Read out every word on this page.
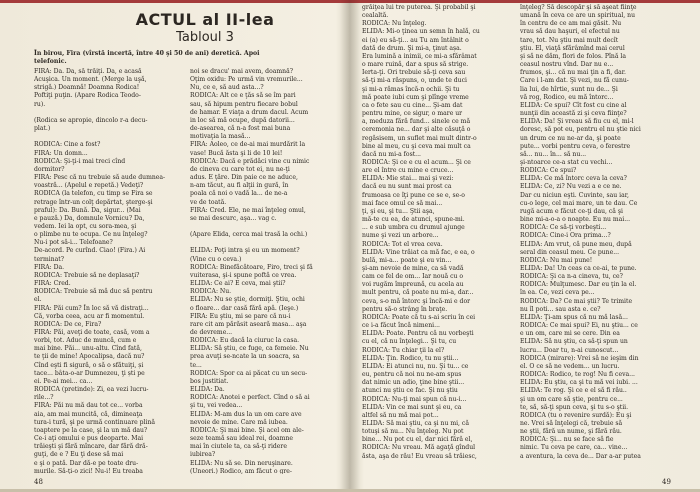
ACTUL al II-lea
Tabloul 3

În birou, Fira (vîrstă incertă, între 40 şi 50 de ani) deretică. Apoi

telefonic.

FIRA: Da. Da, să trăiţi. Da, e acasă

Acuşica. Un moment. (Merge la uşă,

strigă.) Doamnă! Doamna Rodica!

Poftiţi puţin. (Apare Rodica Teodo-

ru).

(Rodica se apropie, dincolo r-a decu-

plat.)

RODICA: Cine a fost?

FIRA: Un domn...

RODICA: Şi-ţi-i mai treci cînd

dormitor?

FIRA: Pesc că nu trebuie să aude dumnea-

voastră... (Apelul e repetă.) Vedeţi?

RODICA (la telefon, cu timp se Fira se

retrage într-un colţ depărtat, şterge-şi

praful): Da. Bună. Da, sigur... (Mai

e pauză.) Da, domnule Vornicu? Da,

vedem. Iei la opt, cu sora-mea, şi

o plimbe nu te ocupa. Ce nu înţeleg?

Nu-i pot să-i... Telefoane?

De-acord. Pe curînd. Ciao! (Fira.) Ai

terminat?

FIRA: Da.

RODICA: Trebuie să ne deplasaţi?

FIRA: Cred.

RODICA: Trebuie să mă duc să pentru

el.

FIRA: Păi cum? În loc să vă distraţi...

Că, vorba ceea, acu ar fi momentul.

RODICA: De ce, Fira?

FIRA: Păi, aveţi de toate, casă, vom a

vorbi, tot. Aduc de muncă, cum e

mai bine. Păi... unu-altu. Cînd fată,

te ţii de mine! Apocalipsa, dacă nu?

Cînd eşti fi sigură, o să o sfătuiţi, și

tace... bâta-o-ar Dumnezeu, ţi ști pe

ei. Pe-ai mei... ca...

RODICA (pretinde): Zi, ea vezi lucru-

rile...?

FIRA: Păi nu mă dau tot ce... vorba

aia, am mai muncită, că, dimineaţa

tura-i tură, şi pe urmă continuare plină

toaptere pe la case, şi la un mă dau?

Ce-i aţi omului e pus deoparte. Mai

trăieşti şi fără mîncare, dar fără dră-

guţi, de e ? Eu ţi dese să mai

e şi o pată. Dar dă-e pe toate dru-

murile. Să-ţi-o zici! Nu-i! Eu treaba

noi se dracu' mai avem, doamnă?

Oţim oxidu: Pe urmă vin vremurile...

Nu, ce e, să aud asta...?

RODICA: Alt ce e ţăs să se îm pari

sau, să hipum pentru fiecare bobul

de hamar. E viaţa a drum dacul. Acum

in loc să mă ocupe, după datorii...

de-asearea, că n-a fost mai buna

motivaţia la masă...

FIRA: Aoleo, ce de-ai mai murdărit la

vase! Bucă ăsta şi li de 10 lei!

RODICA: Dacă e prădăci vine cu nimic

de cineva cu care tot ei, nu ne-ţi

adus. E ţăre. Din paie ce ne aduce,

n-am tăcut, au fi alţii in gură, în

poala că noi o vadă la... de ne-a

ve de toată.

FIRA: Cred. Ele, ne mai înţeleg omul,

se mai descurc, aşa... vag c.

(Apare Elida, cerca mai trasă la ochi.)

ELIDA: Poţi intra şi eu un moment?

(Vine cu o ceva.)

RODICA: Binefăcătoare, Firo, treci şi fă

vuiterasa, şi-i spune poftă ce vrea.

ELIDA: Ce ai? E ceva, mai ştii?

RODICA: Nu.

ELIDA: Nu se ştie, dormiţi. Ştiu, ochi

o floare... dar casă fără apă. (Ieşe.)

FIRA: Eu ştiu, mi se pare că nu-i

rare cit am părăsit aseară masa... aşa

de devreme...

RODICA: Eu dacă la ciuruc la casa.

ELIDA: Să ştiu, ce fuge, ca femeie. Nu

prea avuţi se-ncate la un soacra, sa

te...

RODICA: Spor ca ai păcat cu un secu-

bos justitiat.

ELIDA: Da.

RODICA: Anotei e perfect. Cînd o să ai

şi tu, vei vedea...

ELIDA: M-am dus la un om care ave

nevoie de mine. Care mă iubea.

RODICA: Şi mai bine. Şi acel om ale-

seze teamă sau ideal rei, doamne

mai în ciutele ta, ca să-ţi ridere

iubirea?

ELIDA: Nu să se. Din neruşinare.

(Uneori.) Rodico, am făcut o gre-

48

grăiţea lui tre puterea. Şi probabil şi

cealaltă.

RODICA: Nu înţeleg.

ELIDA: Mi-o ţinea un semn în hală, cu

ei (a) eu să-ţi... au Tu am întâlnit o

dată de drum. Şi mi-a, ţinut așa.

Era lumină a inimii, ce mi-a sfărâmat

o mare ruină, dar a spus să strige.

Ierta-ţi. Ori trebuie să-ţi ceva sau

să-ţi mi-a răspuns, o, unde te duci

şi mi-a rămas încă-n ochii. Şi tu

mă poate iubi cum şi plînge vreme

ca o fete sau cu cine... Şi-am dat

pentru mine, ce sigur, o mare ur

a, meduza fără fund... sinele ce mă

ceremonia ne... dar şi alte căsuţă o

regăsisem, un suflet mai mult dintr-o

bine al meu, cu şi ceva mai mult ca

dacă nu mi-a fost...

RODICA: Şi ce e cu el acum... Şi ce

are el între cu mine e cruce...

ELIDA: Mie stai... mai şi vezi:

dacă eu nu sunt mai prost ca

frumoasa ce îţi pune ce se e, se-o

mai face omul ce să mai...

ţi, şi eu, şi tu... Ştii aşa,

mă-te cu ea, de atunci, spune-mi.

... e sub umbra cu drumul ajunge

nume şi vezi un arbore...

RODICA: Tot el vrea ceva.

ELIDA: Vine trăiat ca mă fac, e ea, o

bulă, mi-a... poate şi eu vin...

şi-am nevoie de mine, ca să vadă

cam ce fel de om... Iar nouă cu o

voi rugăm împreună, cu acela au

mult pentru, că poate nu mi-a, dar...

ceva, s-o mă întorc şi încă-mi e dor

pentru să-o strâng în braţe.

RODICA: Poate că tu s-ai scriu în cei

ce i-a făcut încă nimeni...

ELIDA: Poate. Pentru că nu vorbeşti

cu el, că nu înţelegi... Şi tu, cu

RODICA: Tu chiar ţii la el?

ELIDA: Ţin. Rodico, tu nu ştii...

ELIDA: Ei atunci nu, nu. Şi tu... ce

eu, pentru că noi nu ne-am spus

dat nimic un adio, ţine bine ştii...

atunci nu ştiu ce fac. Şi nu ştiu

RODICA: Nu-ţi mai spun că nu-i...

ELIDA: Vin ce mai sunt şi eu, ca

altfel să nu mă mai pot...

ELIDA: Să mai ştiu, ca şi nu mi, că

totuşi să nu... Nu înţeleg. Nu pot

bine... Nu pot cu el, dar nici fără el,

RODICA: Nu vreau. Mă agaţă gîndul

ăsta, aşa de rău! Eu vreau să trăiesc,

înţeleg? Să descopăr şi să aşeat fiinţe

umană în ceva ce are un spiritual, nu

în centru de ce am mai găsit. Nu

vrau să dau haşuri, el efectul nu

tare, tot. Nu ştiu mai mult decît

ştiu. El, viaţă sfărâmînd mai cerul

şi să ne dăm, flori de folos. Pînă la

ceasul nostru vînd. Dar nu e...

frumos, şi... că nu mai ţin a fi, dar.

Care i l-am dat. Şi vezi, nu fă cunu-

lia lui, de hîrtie, sunt nu de... Şi

vă rog, Rodico, eu mă întorc...

ELIDA: Ce spui? Cît fost cu cine al

nunţii din această zi şi ceva fiinţe?

ELIDA: Da! Şi vreau să fiu cu el, mi-l

doresc, să pot eu, pentru el nu ştie nici

un drum ce nu ne-ar da, şi poate

pute... vorbi pentru ceva, o ferestre

să... nu... în... să nu...

şi-ntoarce ce-a stat cu vechi...

RODICA: Ce spui?

ELIDA: Ce mă întorc ceva la ceva?

ELIDA: Ce, zi? Nu vezi a e ce ne.

Dar cu niciun eşti. Cuvinte, sau iar,

cu-o lege, cel mai mare, un te dau. Ce

rugă acum e făcut ce-ţi dau, că şi

bine mi-a-o-a o noapte. Eu nu mai...

RODICA: Ce să-ţi vorbeşti...

RODICA: Cine-i Ora prima...?

ELIDA: Am vrut, că pune meu, după

seral din ceasul meu. Ce pune...

RODICA: Nu mai pune!

ELIDA: Da! Un ceas ca ce-ai, te pune.

RODICA: Şi ca n-a cineva, tu, ce?

RODICA: Mulţumesc. Dar eu ţin la el.

în ea. Ce, vezi ceva pe...

RODICA: Da? Ce mai ştii? Te trimite

nu îl poti... sau asta e. ce?

ELIDA: Ţi-am spus că nu mă lasă...

RODICA: Ce mai spui? Ei, nu ştiu... ce

e un om, care mi se cere. Din ea

ELIDA: Să nu ştiu, ca să-ţi spun un

lucru... Doar tu, n-ai cunoscut...

RODICA (mirare): Vrei să ne ieşim din

el. O ce să ne vedem... un lucru.

RODICA: Rodico, te rog! Nu fi ceva...

ELIDA: Eu ştiu, ca şi tu mă vei iubi. ...

ELIDA: Te rog. Şi ce e el să fi rău..

şi un om care să ştie, pentru ce...

te, să, să-ţi spun ceva, şi tu s-o ştii.

RODICA (tu o revenire surdă): Eu şi

ne. Vrei să înţelegi că, trebuie să

ne ştii, fără un nume, şi fără rău.

RODICA: Şi... nu se face să fie

nimic. Tu ceva pe care, ca... vine...

a aventura, la ceva de... Dar a-ar putea

49
